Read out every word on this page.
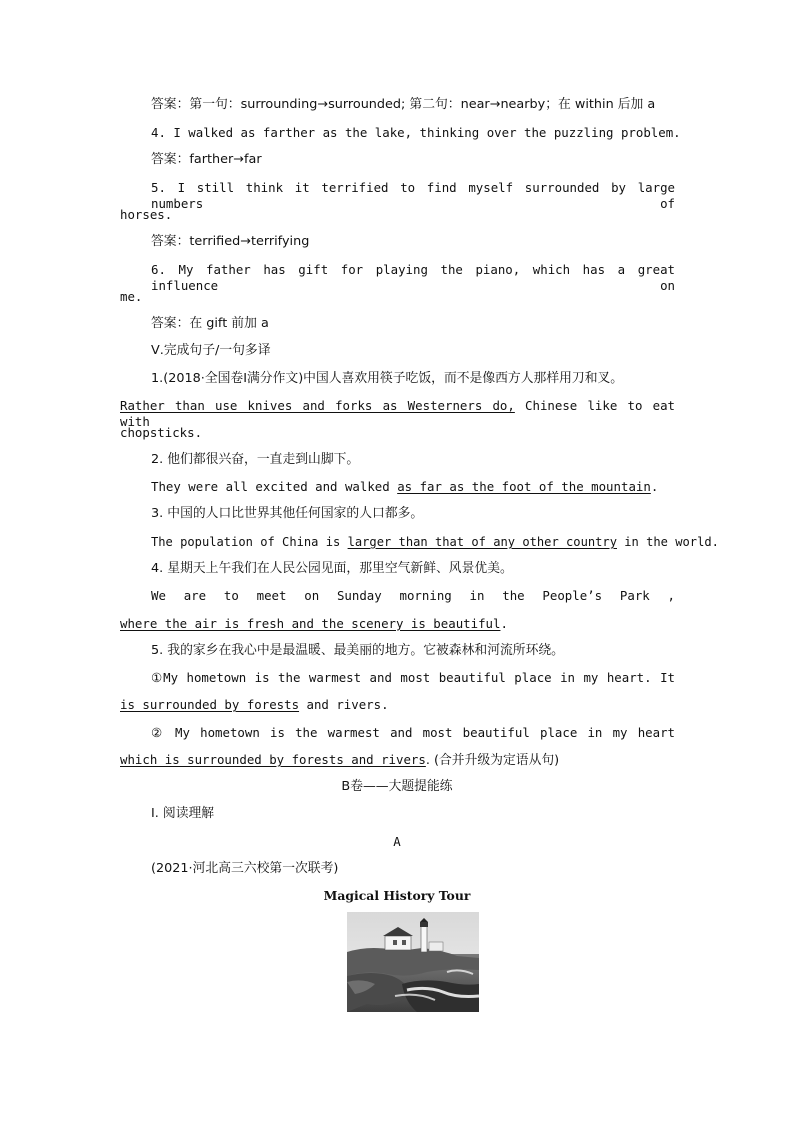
答案：第一句：surrounding→surrounded; 第二句：near→nearby；在 within 后加 a
4. I walked as farther as the lake, thinking over the puzzling problem.
答案：farther→far
5. I still think it terrified to find myself surrounded by large numbers of
horses.
答案：terrified→terrifying
6. My father has gift for playing the piano, which has a great influence on
me.
答案：在 gift 前加 a
Ⅴ.完成句子/一句多译
1.(2018·全国卷Ⅰ满分作文)中国人喜欢用筷子吃饭，而不是像西方人那样用刀和叉。
Rather than use knives and forks as Westerners do, Chinese like to eat with
chopsticks.
2. 他们都很兴奋，一直走到山脚下。
They were all excited and walked as far as the foot of the mountain.
3. 中国的人口比世界其他任何国家的人口都多。
The population of China is larger than that of any other country in the world.
4. 星期天上午我们在人民公园见面，那里空气新鲜、风景优美。
We are to meet on Sunday morning in the People’s Park ,
where the air is fresh and the scenery is beautiful.
5. 我的家乡在我心中是最温暖、最美丽的地方。它被森林和河流所环绕。
①My hometown is the warmest and most beautiful place in my heart. It
is surrounded by forests and rivers.
② My hometown is the warmest and most beautiful place in my heart
which is surrounded by forests and rivers. (合并升级为定语从句)
B卷——大题提能练
Ⅰ. 阅读理解
A
(2021·河北高三六校第一次联考)
Magical History Tour
